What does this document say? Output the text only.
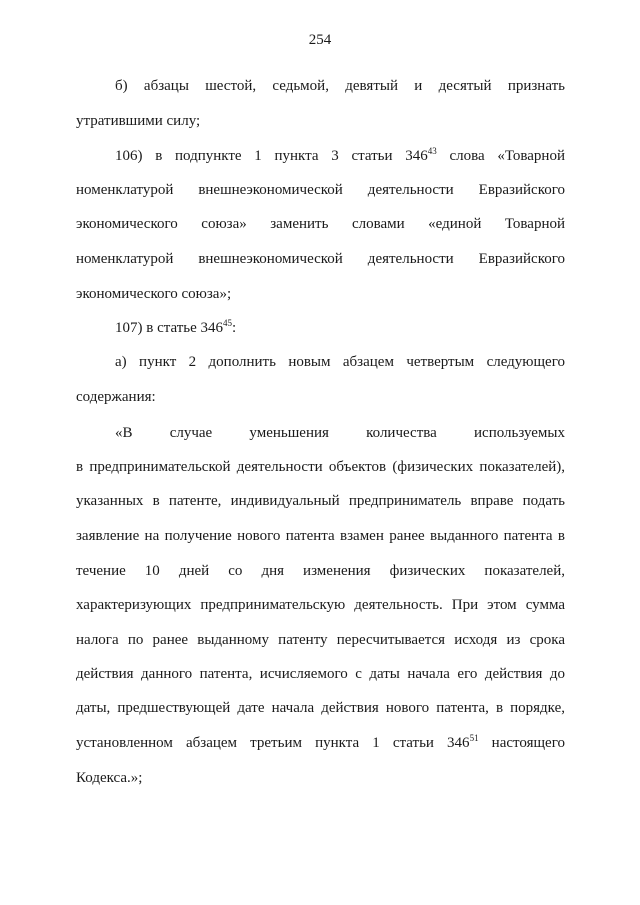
254
б) абзацы шестой, седьмой, девятый и десятый признать
утратившими силу;
106) в подпункте 1 пункта 3 статьи $346^{43}$ слова «Товарной
номенклатурой внешнеэкономической деятельности Евразийского
экономического союза» заменить словами «единой Товарной
номенклатурой внешнеэкономической деятельности Евразийского
экономического союза»;
107) в статье $346^{45}$:
а) пункт 2 дополнить новым абзацем четвертым следующего
содержания:
«В случае уменьшения количества используемых
в предпринимательской деятельности объектов (физических показателей),
указанных в патенте, индивидуальный предприниматель вправе подать
заявление на получение нового патента взамен ранее выданного патента в
течение 10 дней со дня изменения физических показателей,
характеризующих предпринимательскую деятельность. При этом сумма
налога по ранее выданному патенту пересчитывается исходя из срока
действия данного патента, исчисляемого с даты начала его действия до
даты, предшествующей дате начала действия нового патента, в порядке,
установленном абзацем третьим пункта 1 статьи $346^{51}$ настоящего
Кодекса.»;
